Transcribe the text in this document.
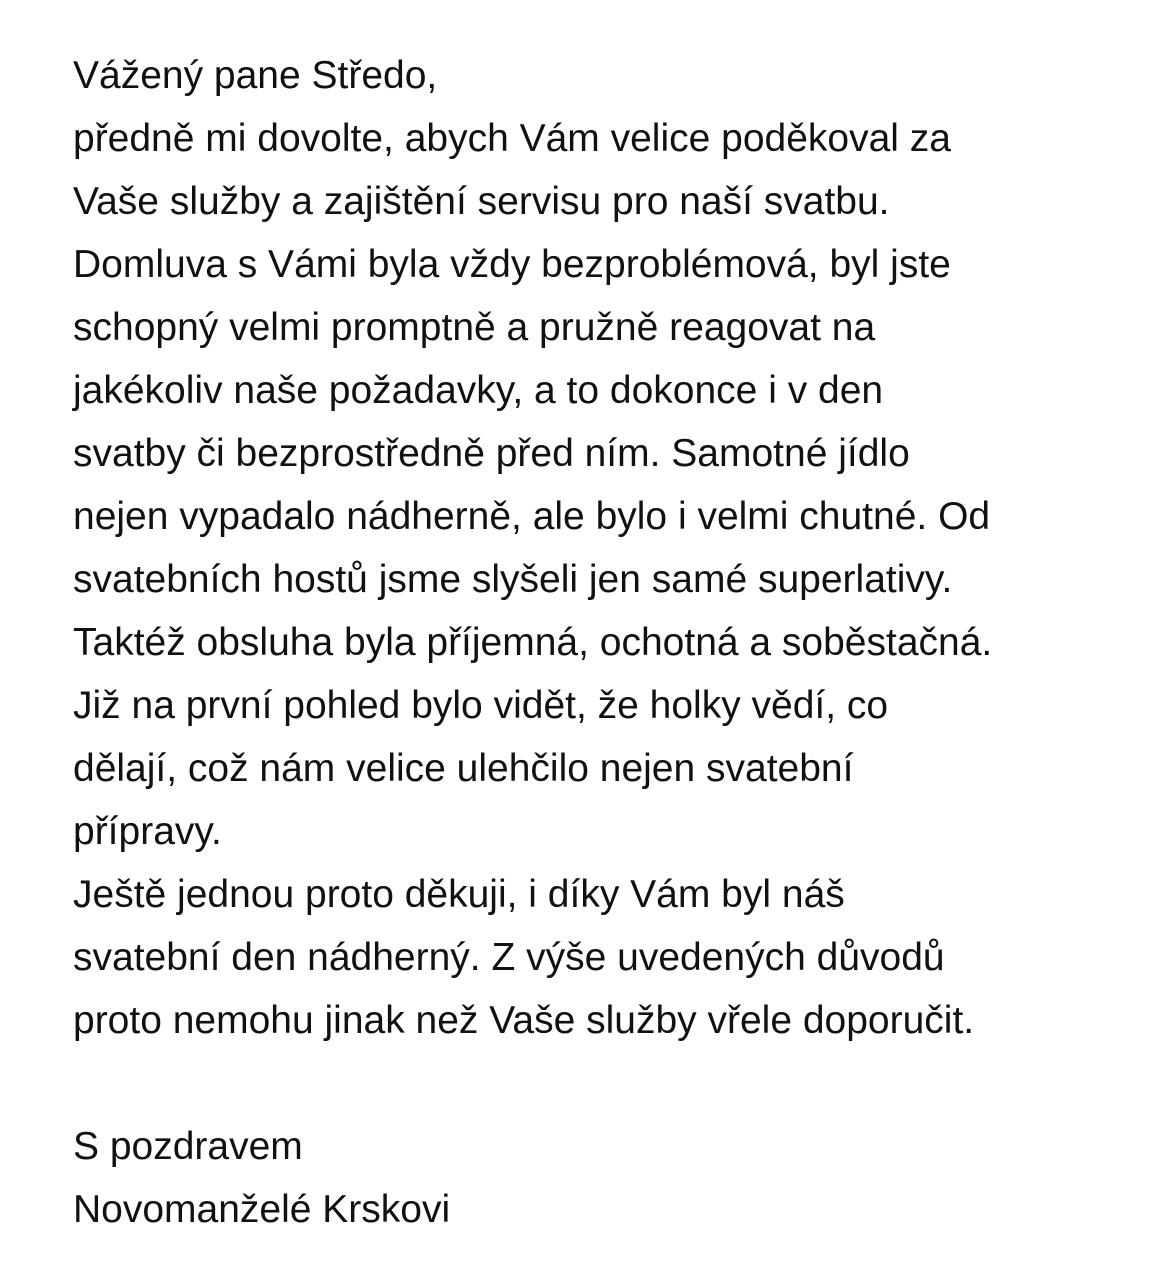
Vážený pane Středo,
předně mi dovolte, abych Vám velice poděkoval za
Vaše služby a zajištění servisu pro naší svatbu.
Domluva s Vámi byla vždy bezproblémová, byl jste
schopný velmi promptně a pružně reagovat na
jakékoliv naše požadavky, a to dokonce i v den
svatby či bezprostředně před ním. Samotné jídlo
nejen vypadalo nádherně, ale bylo i velmi chutné. Od
svatebních hostů jsme slyšeli jen samé superlativy.
Taktéž obsluha byla příjemná, ochotná a soběstačná.
Již na první pohled bylo vidět, že holky vědí, co
dělají, což nám velice ulehčilo nejen svatební
přípravy.
Ještě jednou proto děkuji, i díky Vám byl náš
svatební den nádherný. Z výše uvedených důvodů
proto nemohu jinak než Vaše služby vřele doporučit.
S pozdravem
Novomanželé Krskovi
